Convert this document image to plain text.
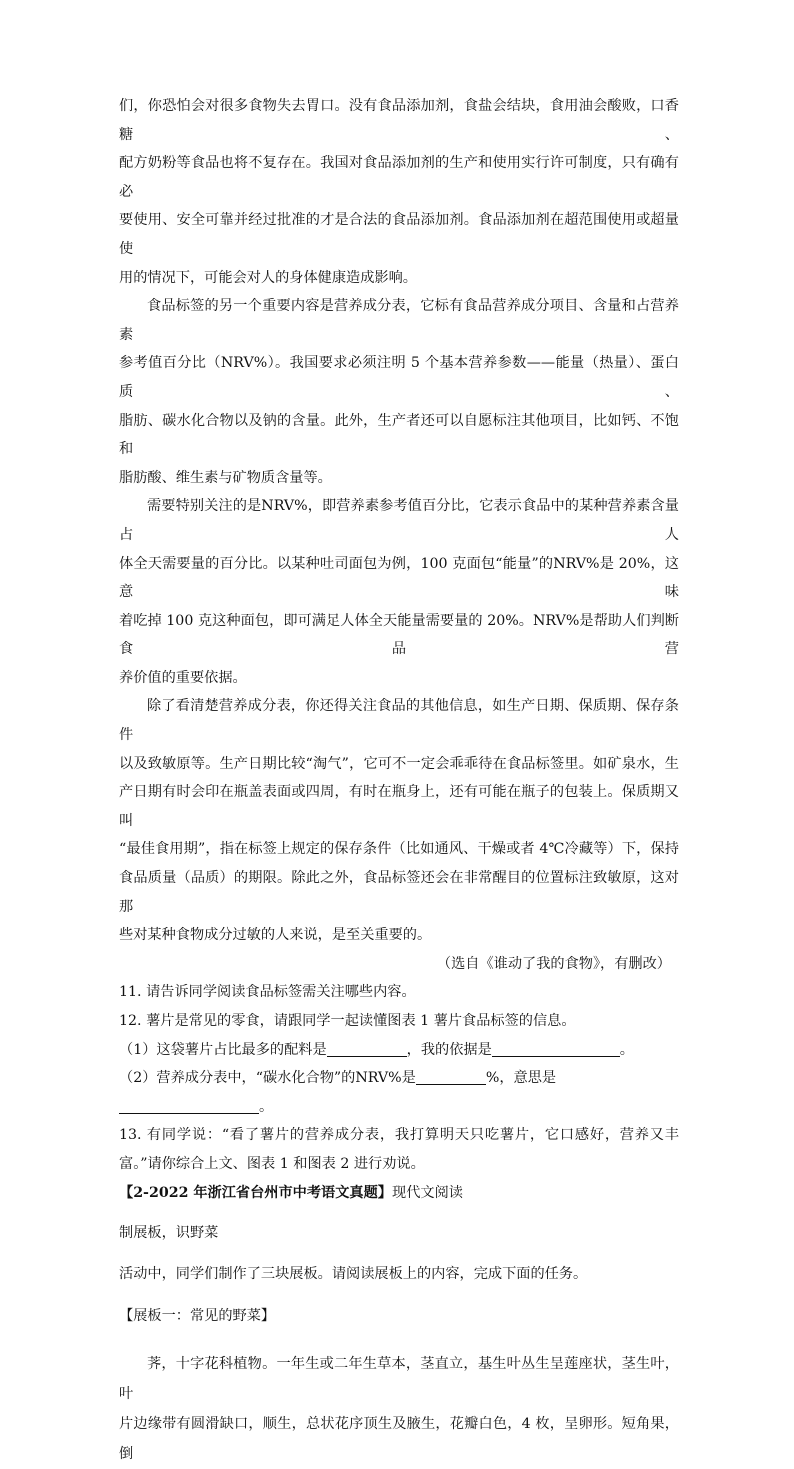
们，你恐怕会对很多食物失去胃口。没有食品添加剂，食盐会结块，食用油会酸败，口香糖、

配方奶粉等食品也将不复存在。我国对食品添加剂的生产和使用实行许可制度，只有确有必

要使用、安全可靠并经过批准的才是合法的食品添加剂。食品添加剂在超范围使用或超量使

用的情况下，可能会对人的身体健康造成影响。

食品标签的另一个重要内容是营养成分表，它标有食品营养成分项目、含量和占营养素

参考值百分比（NRV%）。我国要求必须注明 5 个基本营养参数——能量（热量）、蛋白质、

脂肪、碳水化合物以及钠的含量。此外，生产者还可以自愿标注其他项目，比如钙、不饱和

脂肪酸、维生素与矿物质含量等。

需要特别关注的是NRV%，即营养素参考值百分比，它表示食品中的某种营养素含量占人

体全天需要量的百分比。以某种吐司面包为例，100 克面包“能量”的NRV%是 20%，这意味

着吃掉 100 克这种面包，即可满足人体全天能量需要量的 20%。NRV%是帮助人们判断食品营

养价值的重要依据。

除了看清楚营养成分表，你还得关注食品的其他信息，如生产日期、保质期、保存条件

以及致敏原等。生产日期比较“淘气”，它可不一定会乖乖待在食品标签里。如矿泉水，生

产日期有时会印在瓶盖表面或四周，有时在瓶身上，还有可能在瓶子的包装上。保质期又叫

“最佳食用期”，指在标签上规定的保存条件（比如通风、干燥或者 4℃冷藏等）下，保持

食品质量（品质）的期限。除此之外，食品标签还会在非常醒目的位置标注致敏原，这对那

些对某种食物成分过敏的人来说，是至关重要的。

（选自《谁动了我的食物》，有删改）

11. 请告诉同学阅读食品标签需关注哪些内容。

12. 薯片是常见的零食，请跟同学一起读懂图表 1 薯片食品标签的信息。

（1）这袋薯片占比最多的配料是	，我的依据是	。

（2）营养成分表中，“碳水化合物”的NRV%是	%，意思是

。

13. 有同学说：“看了薯片的营养成分表，我打算明天只吃薯片，它口感好，营养又丰

富。”请你综合上文、图表 1 和图表 2 进行劝说。

【2-2022 年浙江省台州市中考语文真题】现代文阅读

制展板，识野菜

活动中，同学们制作了三块展板。请阅读展板上的内容，完成下面的任务。

【展板一：常见的野菜】

荠，十字花科植物。一年生或二年生草本，茎直立，基生叶丛生呈莲座状，茎生叶，叶

片边缘带有圆滑缺口，顺生，总状花序顶生及腋生，花瓣白色，4 枚，呈卵形。短角果，倒
